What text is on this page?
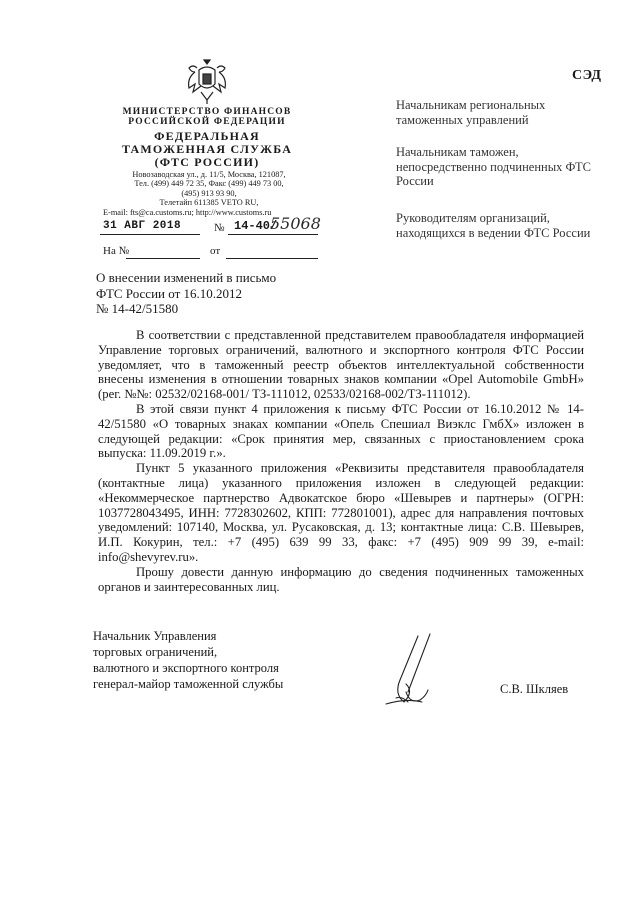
СЭД
МИНИСТЕРСТВО ФИНАНСОВ
РОССИЙСКОЙ ФЕДЕРАЦИИ
ФЕДЕРАЛЬНАЯ
ТАМОЖЕННАЯ СЛУЖБА
(ФТС РОССИИ)
Новозаводская ул., д. 11/5, Москва, 121087,
Тел. (499) 449 72 35, Факс (499) 449 73 00,
(495) 913 93 90,
Телетайп 611385 VETO RU,
E-mail: fts@ca.customs.ru; http://www.customs.ru
31 АВГ 2018	№ 14-40/
55068
На №	от
Начальникам региональных таможенных управлений
Начальникам таможен, непосредственно подчиненных ФТС России
Руководителям организаций, находящихся в ведении ФТС России
О внесении изменений в письмо
ФТС России от 16.10.2012
№ 14-42/51580

В соответствии с представленной представителем правообладателя информацией Управление торговых ограничений, валютного и экспортного контроля ФТС России уведомляет, что в таможенный реестр объектов интеллектуальной собственности внесены изменения в отношении товарных знаков компании «Opel Automobile GmbH» (рег. №№: 02532/02168-001/ ТЗ-111012, 02533/02168-002/ТЗ-111012).

В этой связи пункт 4 приложения к письму ФТС России от 16.10.2012 № 14-42/51580 «О товарных знаках компании «Опель Спешиал Виэклс ГмбХ» изложен в следующей редакции: «Срок принятия мер, связанных с приостановлением срока выпуска: 11.09.2019 г.».

Пункт 5 указанного приложения «Реквизиты представителя правообладателя (контактные лица) указанного приложения изложен в следующей редакции: «Некоммерческое партнерство Адвокатское бюро «Шевырев и партнеры» (ОГРН: 1037728043495, ИНН: 7728302602, КПП: 772801001), адрес для направления почтовых уведомлений: 107140, Москва, ул. Русаковская, д. 13; контактные лица: С.В. Шевырев, И.П. Кокурин, тел.: +7 (495) 639 99 33, факс: +7 (495) 909 99 39, e-mail: info@shevyrev.ru».

Прошу довести данную информацию до сведения подчиненных таможенных органов и заинтересованных лиц.

Начальник Управления
торговых ограничений,
валютного и экспортного контроля
генерал-майор таможенной службы	С.В. Шкляев
